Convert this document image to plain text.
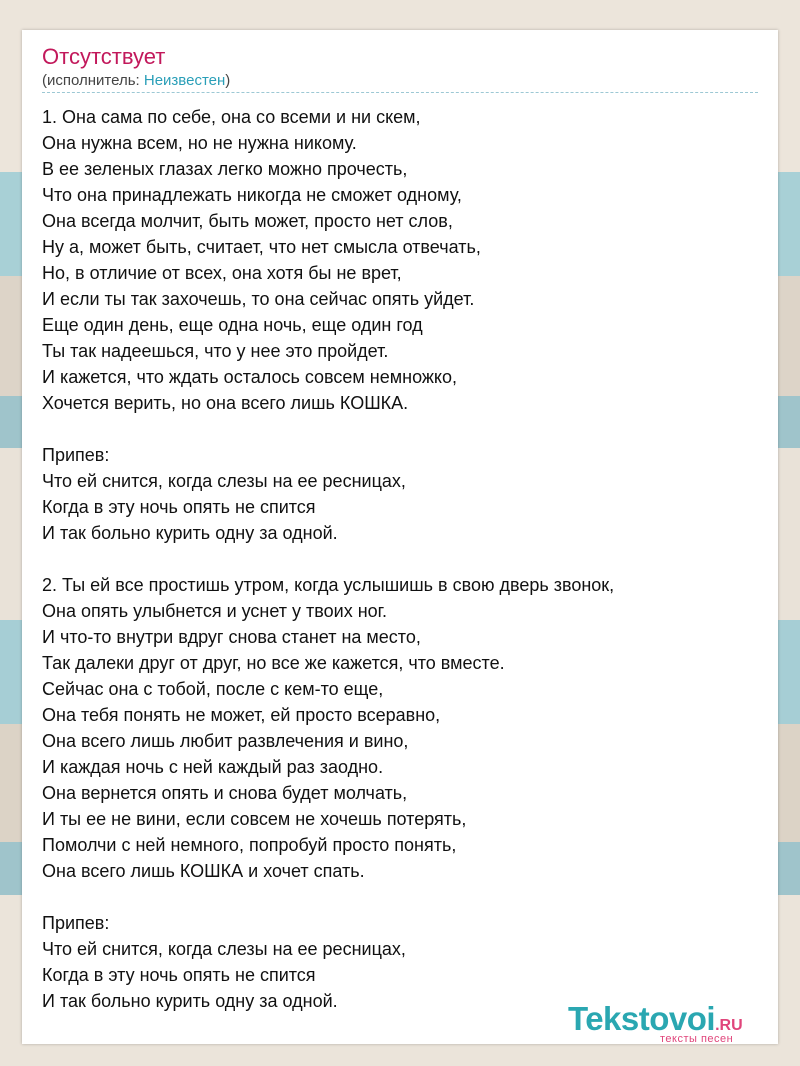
Отсутствует
(исполнитель: Неизвестен)
1. Она сама по себе, она со всеми и ни скем,
Она нужна всем, но не нужна никому.
В ее зеленых глазах легко можно прочесть,
Что она принадлежать никогда не сможет одному,
Она всегда молчит, быть может, просто нет слов,
Ну а, может быть, считает, что нет смысла отвечать,
Но, в отличие от всех, она хотя бы не врет,
И если ты так захочешь, то она сейчас опять уйдет.
Еще один день, еще одна ночь, еще один год
Ты так надеешься, что у нее это пройдет.
И кажется, что ждать осталось совсем немножко,
Хочется верить, но она всего лишь КОШКА.
Припев:
Что ей снится, когда слезы на ее ресницах,
Когда в эту ночь опять не спится
И так больно курить одну за одной.
2. Ты ей все простишь утром, когда услышишь в свою дверь звонок,
Она опять улыбнется и уснет у твоих ног.
И что-то внутри вдруг снова станет на место,
Так далеки друг от друг, но все же кажется, что вместе.
Сейчас она с тобой, после с кем-то еще,
Она тебя понять не может, ей просто всеравно,
Она всего лишь любит развлечения и вино,
И каждая ночь с ней каждый раз заодно.
Она вернется опять и снова будет молчать,
И ты ее не вини, если совсем не хочешь потерять,
Помолчи с ней немного, попробуй просто понять,
Она всего лишь КОШКА и хочет спать.
Припев:
Что ей снится, когда слезы на ее ресницах,
Когда в эту ночь опять не спится
И так больно курить одну за одной.	Tekstovoi.RU
тексты песен
